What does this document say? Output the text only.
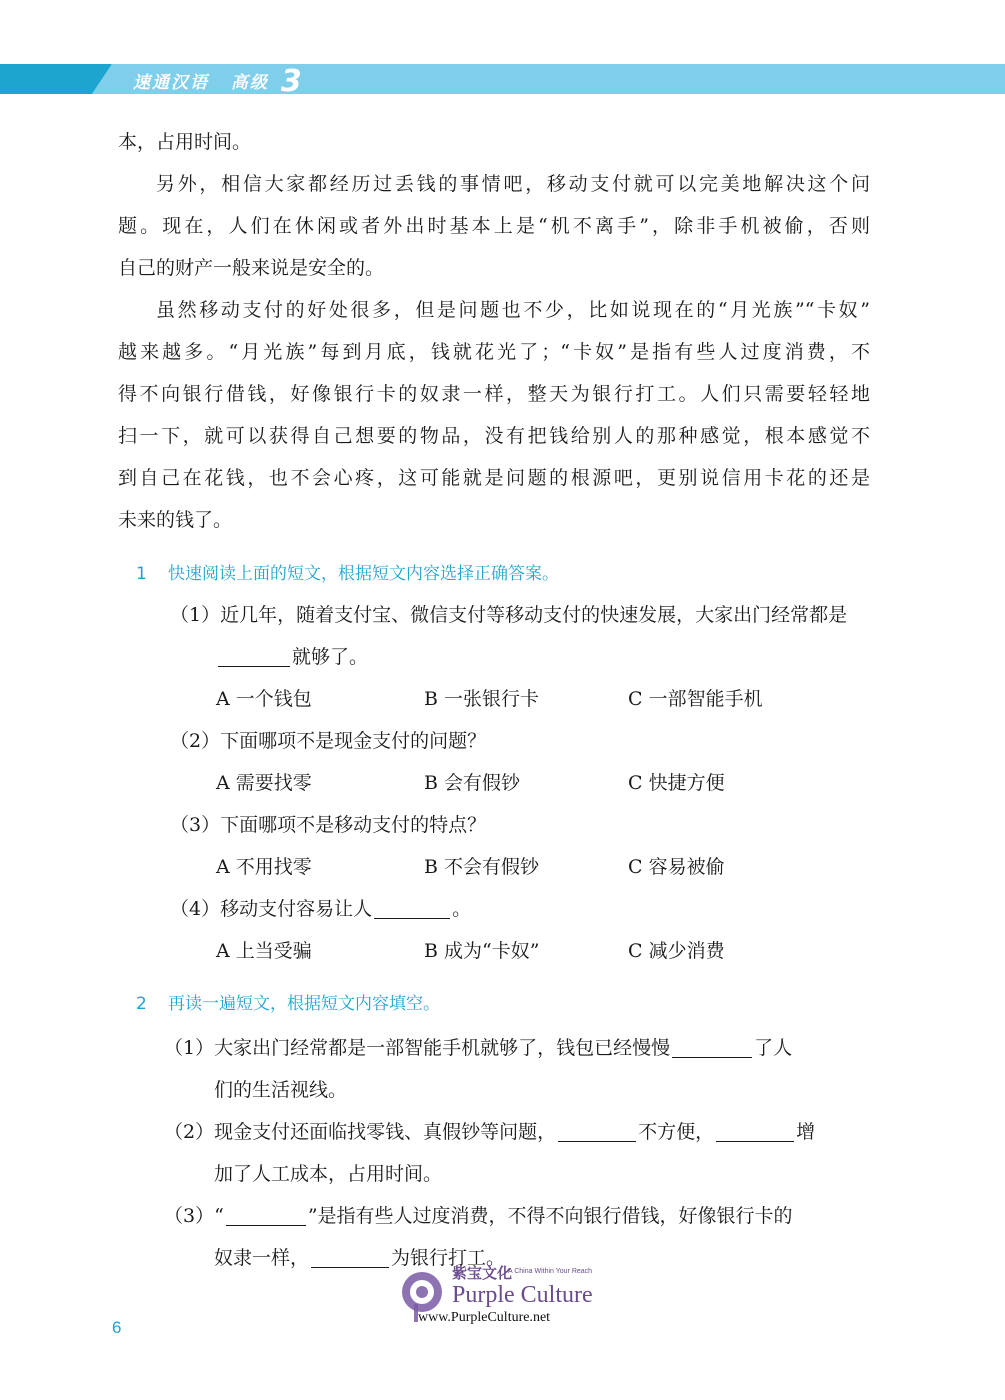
速通汉语 高级 3
本，占用时间。
另外，相信大家都经历过丢钱的事情吧，移动支付就可以完美地解决这个问
题。现在，人们在休闲或者外出时基本上是“机不离手”，除非手机被偷，否则
自己的财产一般来说是安全的。
虽然移动支付的好处很多，但是问题也不少，比如说现在的“月光族”“卡奴”
越来越多。“月光族”每到月底，钱就花光了；“卡奴”是指有些人过度消费，不
得不向银行借钱，好像银行卡的奴隶一样，整天为银行打工。人们只需要轻轻地
扫一下，就可以获得自己想要的物品，没有把钱给别人的那种感觉，根本感觉不
到自己在花钱，也不会心疼，这可能就是问题的根源吧，更别说信用卡花的还是
未来的钱了。
1 快速阅读上面的短文，根据短文内容选择正确答案。
（1）近几年，随着支付宝、微信支付等移动支付的快速发展，大家出门经常都是
就够了。
A 一个钱包	B 一张银行卡	C 一部智能手机
（2）下面哪项不是现金支付的问题？
A 需要找零	B 会有假钞	C 快捷方便
（3）下面哪项不是移动支付的特点？
A 不用找零	B 不会有假钞	C 容易被偷
（4）移动支付容易让人	。
A 上当受骗	B 成为“卡奴”	C 减少消费
2 再读一遍短文，根据短文内容填空。
（1）大家出门经常都是一部智能手机就够了，钱包已经慢慢	了人
们的生活视线。
（2）现金支付还面临找零钱、真假钞等问题，	不方便，	增
加了人工成本，占用时间。
（3）“	”是指有些人过度消费，不得不向银行借钱，好像银行卡的
奴隶一样，	为银行打工。
6
紫宝文化
A China Within Your Reach
Purple Culture
www.PurpleCulture.net
